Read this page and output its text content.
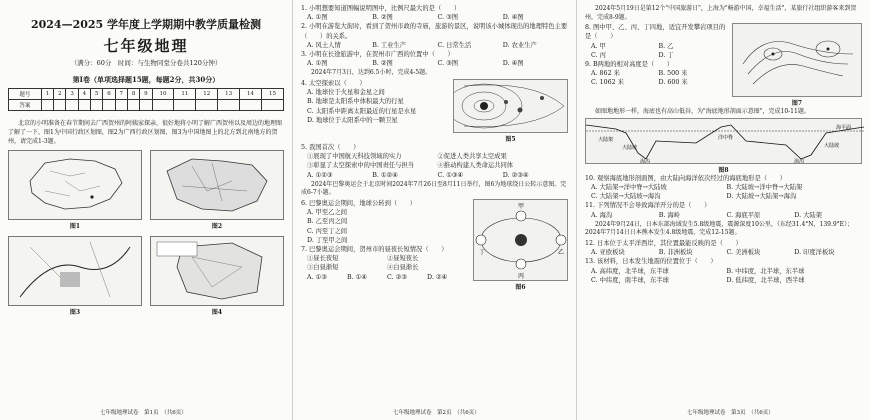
2024—2025 学年度上学期期中教学质量检测
七年级地理
（满分：60分　时间：与生物同堂分卷共120分钟）
第Ⅰ卷（单项选择题15题，每题2分，共30分）
题号	1	2	3	4	5	6	7	8	9	10	11	12	13	14	15
答案															
北京的小明准备在春节期间去广西贺州的阿姨家探亲，很好地将小明了解广西贺州以及周边的地理图了解了一下，图1为中国行政区划图，图2为广西行政区划图，图3为中国地图上的北方到北南地方的贺州，请完成1-3题。
图1	图2
图3	图4
七年级地理试卷　第1页　（共6页）
1. 小明想要知道图幅说明图中，比例尺最大的是（　　）
A. ①图	B. ②图	C. ③图	D. ④图
2. 小明在游览大街时，看到了贺州市政的寺庙，旅游的景区，说明该小城体现出的地理特色主要（　　）的关系。
A. 风土人情	B. 工业生产	C. 日常生活	D. 农业生产
3. 小明在长途旅游中，在贺州市广西的位置中（　　）
A. ①图	B. ②图	C. ③图	D. ④图
2024年7月3日，达到6.5小时，完成4-5题。
4. 太空探索以（　　）
A. 地球位于火星和金星之间
B. 地球是太阳系中体积最大的行星
C. 太阳系中距离太阳最近的行星是水星
D. 地球位于太阳系中的一颗卫星
图5
5. 我国首次（　　）
①展现了中国航天科技领域的实力	②促进人类共享太空成果
③彰显了太空探索中的中国责任与担当	④推动构建人类命运共同体
A. ①②③	B. ①②④	C. ①③④	D. ②③④
2024年巴黎奥运会于北京时间2024年7月26日至8月11日举行，图6为地球绕日公转示意图。完成6-7小题。
6. 巴黎奥运会期间，地球公转到（　　）
A. 甲至乙之间
B. 乙至丙之间
C. 丙至丁之间
D. 丁至甲之间
7. 巴黎奥运会期间，贺州市的昼夜长短情况（　　）
①昼长夜短	②昼短夜长
③白昼渐短	④白昼渐长
A. ①③	B. ①④	C. ②③	D. ②④
甲
乙
丙
丁
图6
七年级地理试卷　第2页　（共6页）
2024年5月19日是第12个"中国旅游日"，上海为"畅游中国，幸福生活"，某旅行社组织游客来到贺州，完成8-9题。
8. 图中甲、乙、丙、丁四地，适宜开发攀岩项目的是（　　）
A. 甲	B. 乙
C. 丙	D. 丁
9. B两地的相对高度是（　　）
A. 862 米	B. 500 米
C. 1062 米	D. 600 米
图7
如图地地形一样，海底也有高山低谷，为"海底地形剖面示意图"，完成10-11题。
大陆架
大陆坡
海沟
洋中脊
海沟
大陆坡
海平面
图8
10. 观察海底地形剖面图，由大陆向海洋依次经过的海底地形是（　　）
A. 大陆架→洋中脊→大陆坡	B. 大陆坡→洋中脊→大陆架
C. 大陆架→大陆坡→海沟	D. 大陆坡→大陆架→海沟
11. 下列情况不会导致海洋开分的是（　　）
A. 海沟	B. 海岭	C. 海底平原	D. 大陆架
2024年9月24日，日本东部海域发生5.8级地震，震源深度10公里，（东经31.4°N，139.9°E）；2024年7月14日日本熊本发生4.8级地震，完成12-15题。
12. 日本位于太平洋西岸，其位置最能反映的是（　　）
A. 亚欧板块	B. 非洲板块	C. 美洲板块	D. 印度洋板块
13. 该材料，日本发生地震的位置位于（　　）
A. 高纬度，北半球，东半球	B. 中纬度，北半球，东半球
C. 中纬度，南半球，东半球	D. 低纬度，北半球，西半球
七年级地理试卷　第3页　（共6页）
